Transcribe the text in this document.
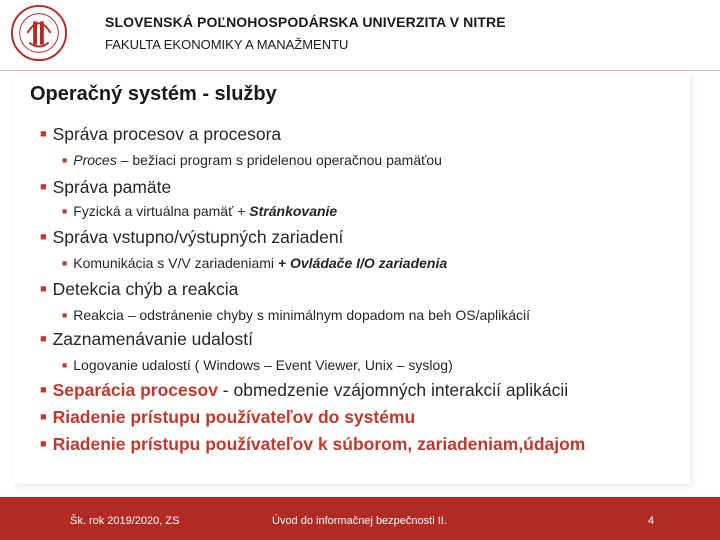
SLOVENSKÁ POĽNOHOSPODÁRSKA UNIVERZITA V NITRE
FAKULTA EKONOMIKY A MANAŽMENTU
Operačný systém - služby
■ Správa procesov a procesora
■ Proces – bežiaci program s pridelenou operačnou pamäťou
■ Správa pamäte
■ Fyzická a virtuálna pamäť + Stránkovanie
■ Správa vstupno/výstupných zariadení
■ Komunikácia s V/V zariadeniami + Ovládače I/O zariadenia
■ Detekcia chýb a reakcia
■ Reakcia – odstránenie chyby s minimálnym dopadom na beh OS/aplikácií
■ Zaznamenávanie udalostí
■ Logovanie udalostí ( Windows – Event Viewer, Unix – syslog)
■ Separácia procesov - obmedzenie vzájomných interakcií aplikácii
■ Riadenie prístupu používateľov do systému
■ Riadenie prístupu používateľov k súborom, zariadeniam,údajom
Šk. rok 2019/2020, ZS	Úvod do informačnej bezpečnosti II.	4
